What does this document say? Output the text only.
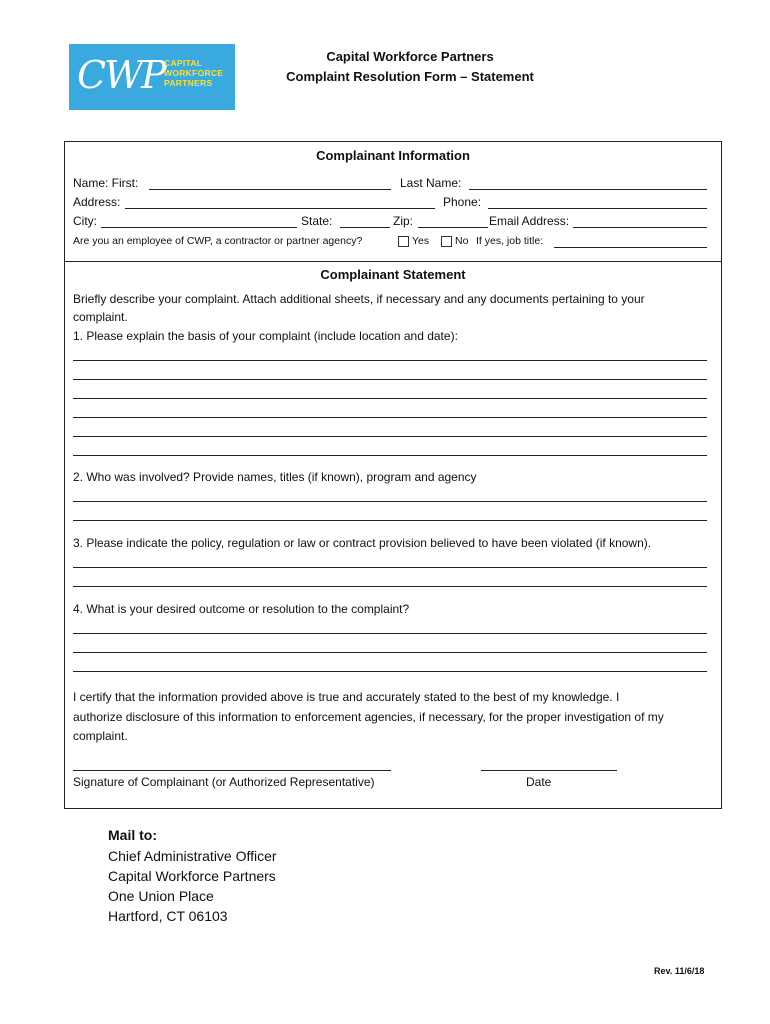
CWP CAPITAL
WORKFORCE
PARTNERS
Capital Workforce Partners
Complaint Resolution Form – Statement
Complainant Information
Name: First:	Last Name:
Address:	Phone:
City:	State:	Zip:	Email Address:
Are you an employee of CWP, a contractor or partner agency?	Yes No If yes, job title:
Complainant Statement
Briefly describe your complaint. Attach additional sheets, if necessary and any documents pertaining to your
complaint.
1. Please explain the basis of your complaint (include location and date):
2. Who was involved? Provide names, titles (if known), program and agency
3. Please indicate the policy, regulation or law or contract provision believed to have been violated (if known).
4. What is your desired outcome or resolution to the complaint?
I certify that the information provided above is true and accurately stated to the best of my knowledge. I
authorize disclosure of this information to enforcement agencies, if necessary, for the proper investigation of my
complaint.
Signature of Complainant (or Authorized Representative)	Date
Mail to:
Chief Administrative Officer
Capital Workforce Partners
One Union Place
Hartford, CT 06103
Rev. 11/6/18
